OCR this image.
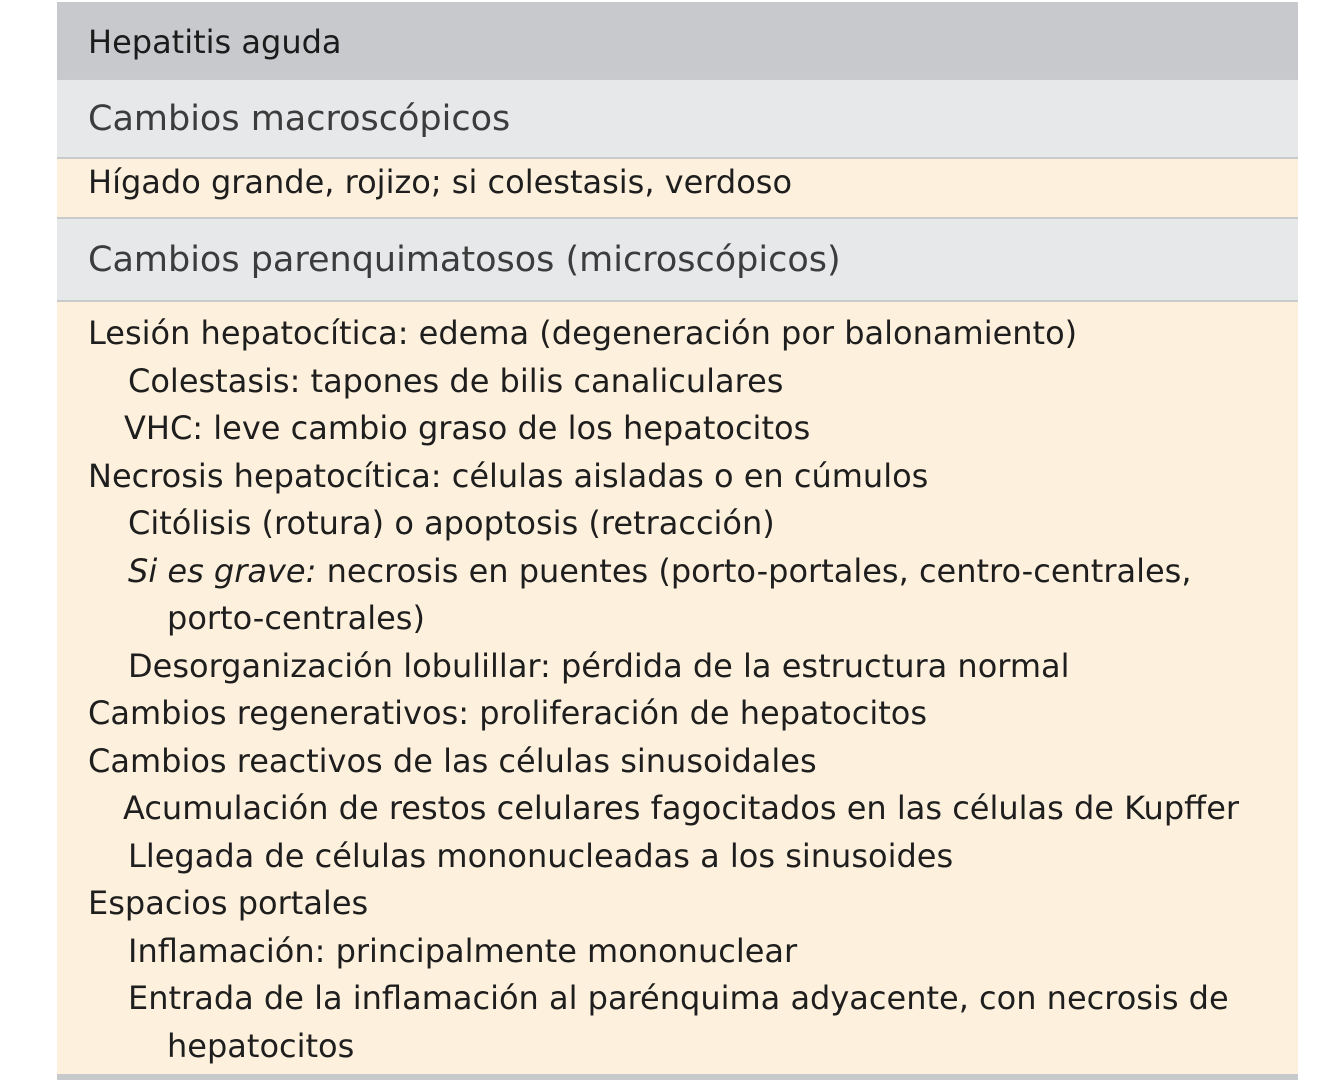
Hepatitis aguda
Cambios macroscópicos
Hígado grande, rojizo; si colestasis, verdoso
Cambios parenquimatosos (microscópicos)
Lesión hepatocítica: edema (degeneración por balonamiento)
Colestasis: tapones de bilis canaliculares
VHC: leve cambio graso de los hepatocitos
Necrosis hepatocítica: células aisladas o en cúmulos
Citólisis (rotura) o apoptosis (retracción)
Si es grave: necrosis en puentes (porto-portales, centro-centrales,
porto-centrales)
Desorganización lobulillar: pérdida de la estructura normal
Cambios regenerativos: proliferación de hepatocitos
Cambios reactivos de las células sinusoidales
Acumulación de restos celulares fagocitados en las células de Kupffer
Llegada de células mononucleadas a los sinusoides
Espacios portales
Inflamación: principalmente mononuclear
Entrada de la inflamación al parénquima adyacente, con necrosis de
hepatocitos
